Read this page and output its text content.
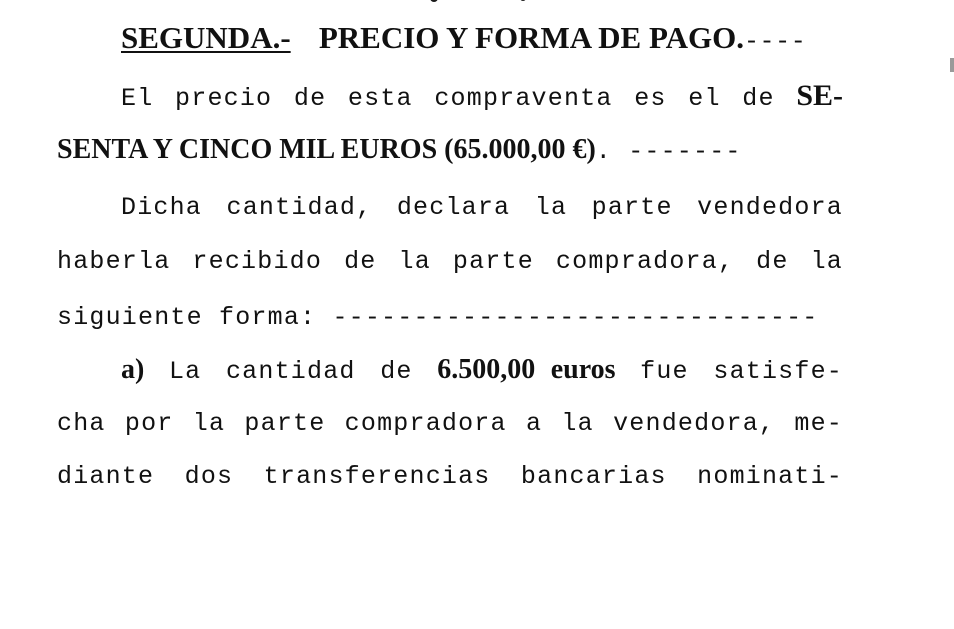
SEGUNDA.- PRECIO Y FORMA DE PAGO.----
El precio de esta compraventa es el de SE-
SENTA Y CINCO MIL EUROS (65.000,00 €). -------
Dicha cantidad, declara la parte vendedora
haberla recibido de la parte compradora, de la
siguiente forma: ------------------------------
a) La cantidad de 6.500,00 euros fue satisfe-
cha por la parte compradora a la vendedora, me-
diante dos transferencias bancarias nominati-
